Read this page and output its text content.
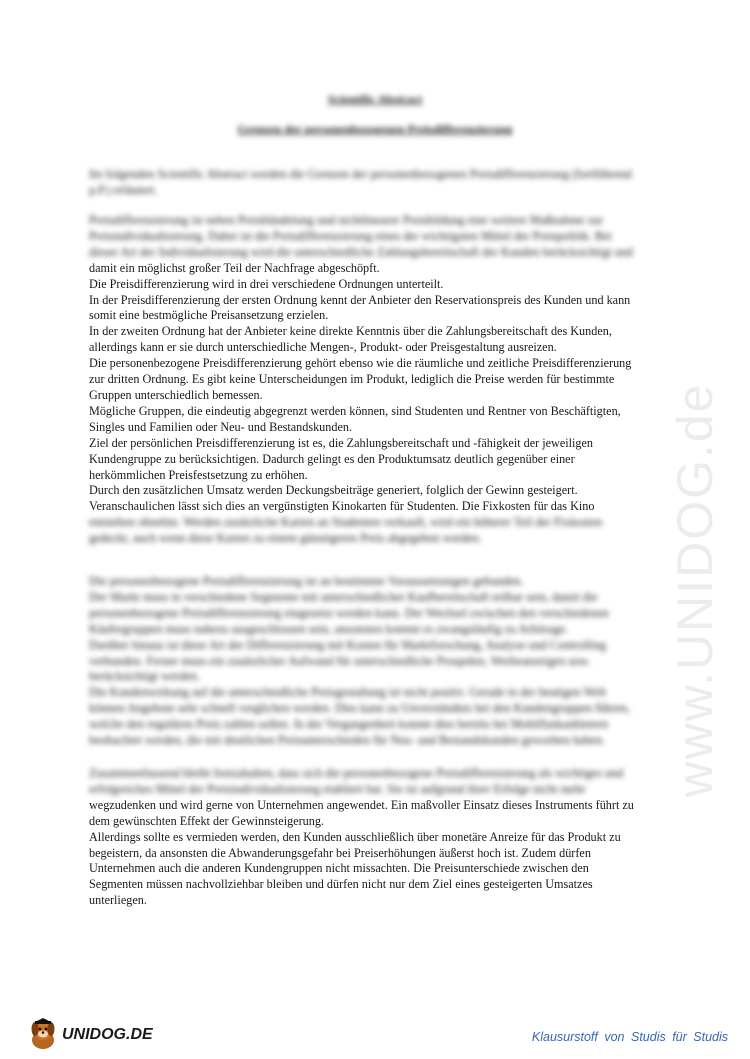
www.UNIDOG.de
Scientific Abstract
Grenzen der personenbezogenen Preisdifferenzierung
Im folgenden Scientific Abstract werden die Grenzen der personenbezogenen Preisdifferenzierung (fortführend
p.P.) erläutert.
Preisdifferenzierung ist neben Preisbündelung und nichtlinearer Preisbildung eine weitere Maßnahme zur
Preisindividualisierung. Dabei ist die Preisdifferenzierung eines der wichtigsten Mittel der Preispolitik. Bei
dieser Art der Individualisierung wird die unterschiedliche Zahlungsbereitschaft der Kunden berücksichtigt und
damit ein möglichst großer Teil der Nachfrage abgeschöpft.
Die Preisdifferenzierung wird in drei verschiedene Ordnungen unterteilt.
In der Preisdifferenzierung der ersten Ordnung kennt der Anbieter den Reservationspreis des Kunden und kann
somit eine bestmögliche Preisansetzung erzielen.
In der zweiten Ordnung hat der Anbieter keine direkte Kenntnis über die Zahlungsbereitschaft des Kunden,
allerdings kann er sie durch unterschiedliche Mengen-, Produkt- oder Preisgestaltung ausreizen.
Die personenbezogene Preisdifferenzierung gehört ebenso wie die räumliche und zeitliche Preisdifferenzierung
zur dritten Ordnung. Es gibt keine Unterscheidungen im Produkt, lediglich die Preise werden für bestimmte
Gruppen unterschiedlich bemessen.
Mögliche Gruppen, die eindeutig abgegrenzt werden können, sind Studenten und Rentner von Beschäftigten,
Singles und Familien oder Neu- und Bestandskunden.
Ziel der persönlichen Preisdifferenzierung ist es, die Zahlungsbereitschaft und -fähigkeit der jeweiligen
Kundengruppe zu berücksichtigen. Dadurch gelingt es den Produktumsatz deutlich gegenüber einer
herkömmlichen Preisfestsetzung zu erhöhen.
Durch den zusätzlichen Umsatz werden Deckungsbeiträge generiert, folglich der Gewinn gesteigert.
Veranschaulichen lässt sich dies an vergünstigten Kinokarten für Studenten. Die Fixkosten für das Kino
entstehen ohnehin. Werden zusätzliche Karten an Studenten verkauft, wird ein höherer Teil der Fixkosten
gedeckt, auch wenn diese Karten zu einem günstigeren Preis abgegeben werden.
Die personenbezogene Preisdifferenzierung ist an bestimmte Voraussetzungen gebunden.
Der Markt muss in verschiedene Segmente mit unterschiedlicher Kaufbereitschaft teilbar sein, damit die
personenbezogene Preisdifferenzierung eingesetzt werden kann. Der Wechsel zwischen den verschiedenen
Käufergruppen muss nahezu ausgeschlossen sein, ansonsten kommt es zwangsläufig zu Arbitrage.
Darüber hinaus ist diese Art der Differenzierung mit Kosten für Marktforschung, Analyse und Controlling
verbunden. Ferner muss ein zusätzlicher Aufwand für unterschiedliche Prospekte, Werbeanzeigen usw.
berücksichtigt werden.
Die Kundenwirkung auf die unterschiedliche Preisgestaltung ist nicht positiv. Gerade in der heutigen Welt
können Angebote sehr schnell verglichen werden. Dies kann zu Unverständnis bei den Kundengruppen führen,
welche den regulären Preis zahlen sollen. In der Vergangenheit konnte dies bereits bei Mobilfunkanbietern
beobachtet werden, die mit deutlichen Preisunterschieden für Neu- und Bestandskunden geworben haben.
Zusammenfassend bleibt festzuhalten, dass sich die personenbezogene Preisdifferenzierung als wichtiges und
erfolgreiches Mittel der Preisindividualisierung etabliert hat. Sie ist aufgrund ihrer Erfolge nicht mehr
wegzudenken und wird gerne von Unternehmen angewendet. Ein maßvoller Einsatz dieses Instruments führt zu
dem gewünschten Effekt der Gewinnsteigerung.
Allerdings sollte es vermieden werden, den Kunden ausschließlich über monetäre Anreize für das Produkt zu
begeistern, da ansonsten die Abwanderungsgefahr bei Preiserhöhungen äußerst hoch ist. Zudem dürfen
Unternehmen auch die anderen Kundengruppen nicht missachten. Die Preisunterschiede zwischen den
Segmenten müssen nachvollziehbar bleiben und dürfen nicht nur dem Ziel eines gesteigerten Umsatzes
unterliegen.
UNIDOG.DE	Klausurstoff von Studis für Studis
